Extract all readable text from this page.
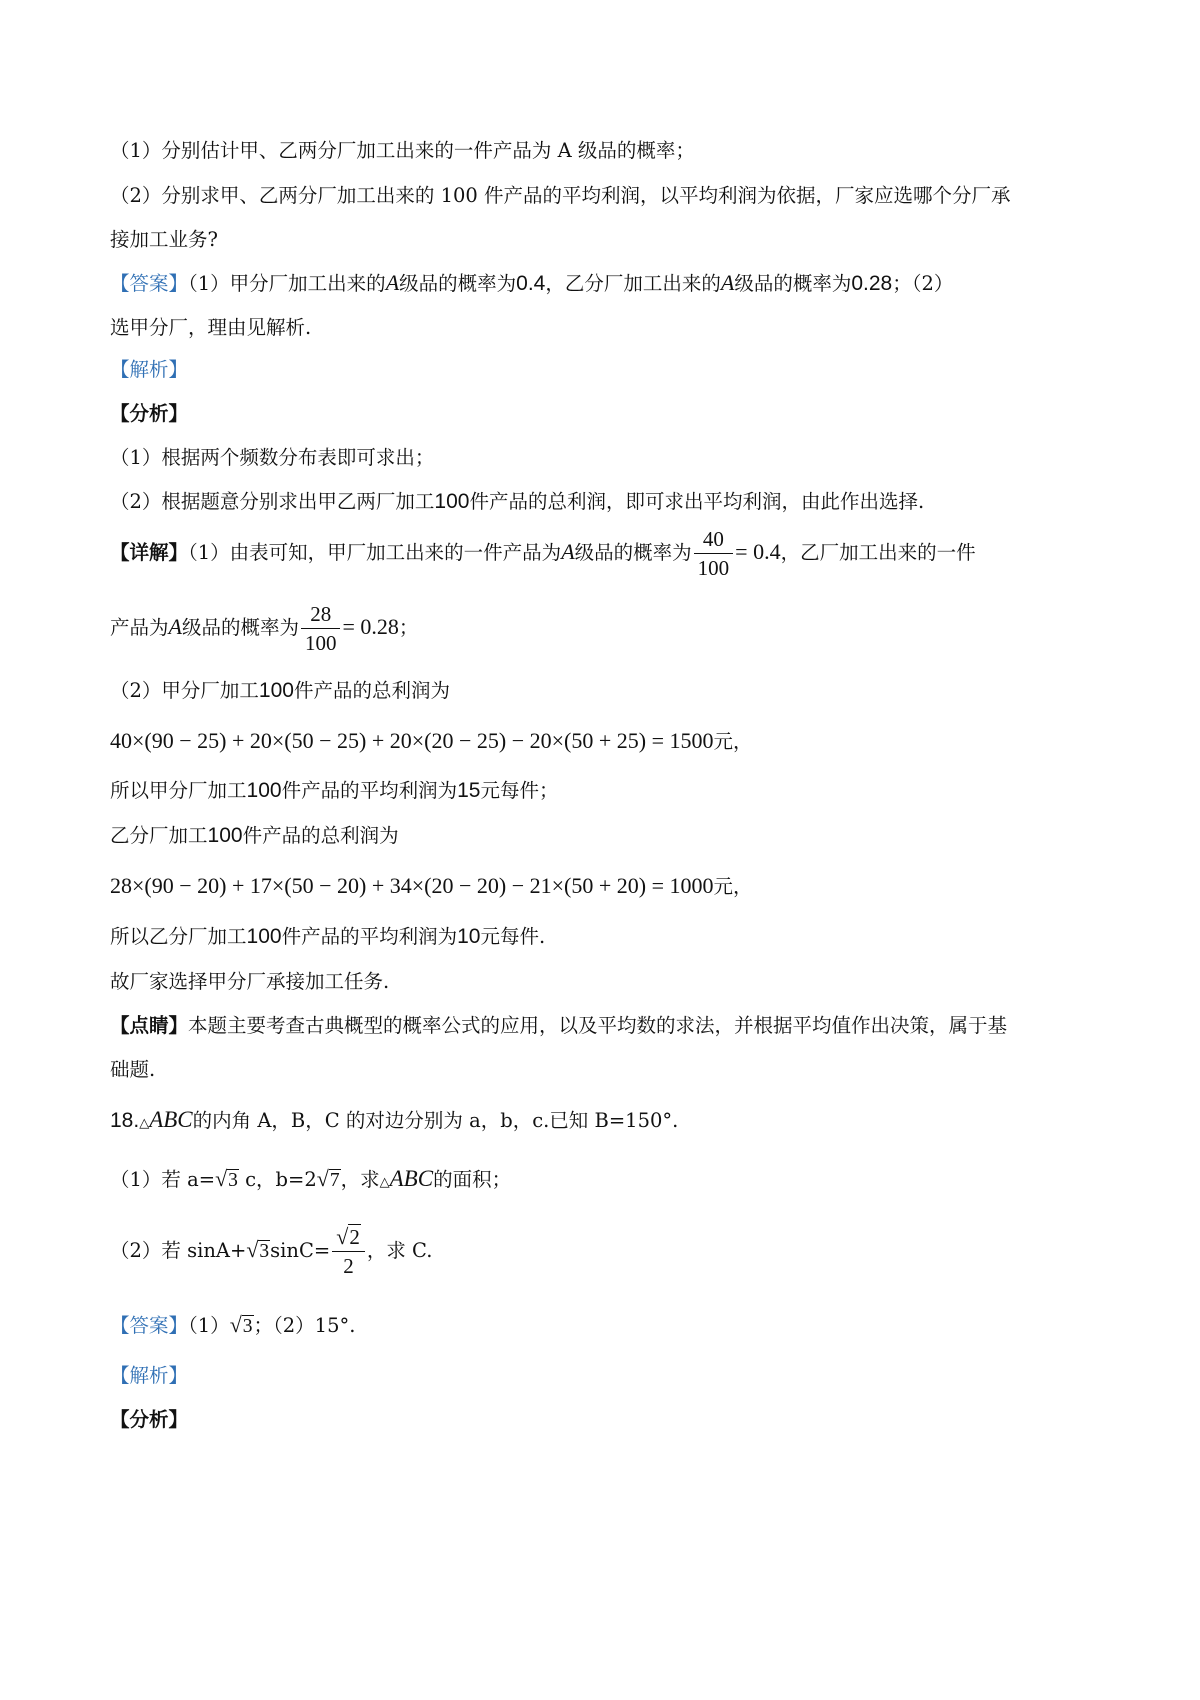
（1）分别估计甲、乙两分厂加工出来的一件产品为 A 级品的概率；
（2）分别求甲、乙两分厂加工出来的 100 件产品的平均利润，以平均利润为依据，厂家应选哪个分厂承
接加工业务?
【答案】（1）甲分厂加工出来的A级品的概率为0.4，乙分厂加工出来的A级品的概率为0.28；（2）
选甲分厂，理由见解析.
【解析】
【分析】
（1）根据两个频数分布表即可求出；
（2）根据题意分别求出甲乙两厂加工100件产品的总利润，即可求出平均利润，由此作出选择.
【详解】（1）由表可知，甲厂加工出来的一件产品为A级品的概率为 $\frac{40}{100} = 0.4$，乙厂加工出来的一件
产品为A级品的概率为 $\frac{28}{100} = 0.28$；
（2）甲分厂加工100件产品的总利润为
40×(90 − 25) + 20×(50 − 25) + 20×(20 − 25) − 20×(50 + 25) = 1500元，
所以甲分厂加工100件产品的平均利润为15元每件；
乙分厂加工100件产品的总利润为
28×(90 − 20) + 17×(50 − 20) + 34×(20 − 20) − 21×(50 + 20) = 1000元，
所以乙分厂加工100件产品的平均利润为10元每件.
故厂家选择甲分厂承接加工任务.
【点睛】本题主要考查古典概型的概率公式的应用，以及平均数的求法，并根据平均值作出决策，属于基
础题.
18.△ABC的内角 A，B，C 的对边分别为 a，b，c.已知 B=150°.
（1）若 a=√3 c，b=2√7，求△ABC的面积；
（2）若 $\sin A+√3\sin C= \frac{√2}{2}$ ，求 C.
【答案】（1）√3；（2）15°.
【解析】
【分析】
